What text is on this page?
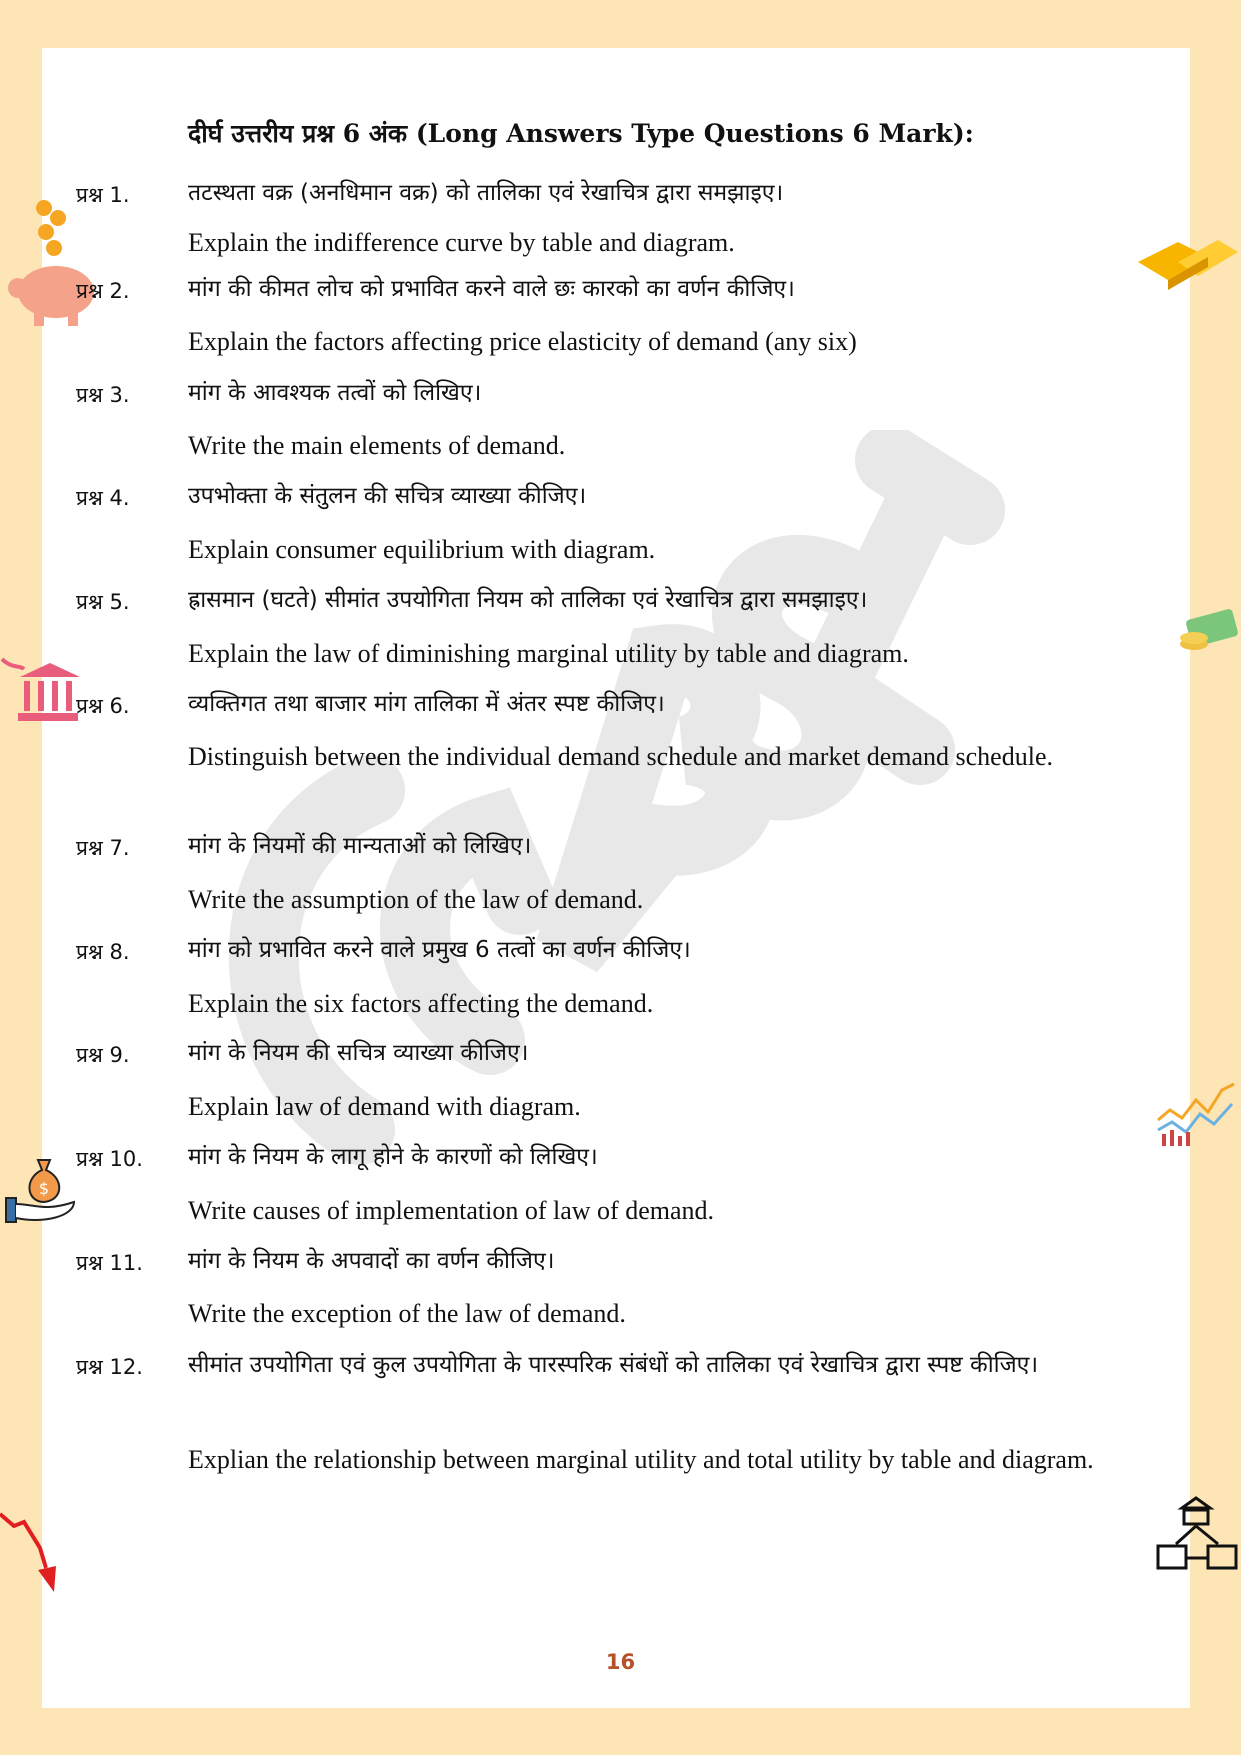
$
दीर्घ उत्तरीय प्रश्न 6 अंक (Long Answers Type Questions 6 Mark):
प्रश्न 1.	तटस्थता वक्र (अनधिमान वक्र) को तालिका एवं रेखाचित्र द्वारा समझाइए।
Explain the indifference curve by table and diagram.
प्रश्न 2.	मांग की कीमत लोच को प्रभावित करने वाले छः कारको का वर्णन कीजिए।
Explain the factors affecting price elasticity of demand (any six)
प्रश्न 3.	मांग के आवश्यक तत्वों को लिखिए।
Write the main elements of demand.
प्रश्न 4.	उपभोक्ता के संतुलन की सचित्र व्याख्या कीजिए।
Explain consumer equilibrium with diagram.
प्रश्न 5.	ह्रासमान (घटते) सीमांत उपयोगिता नियम को तालिका एवं रेखाचित्र द्वारा समझाइए।
Explain the law of diminishing marginal utility by table and diagram.
प्रश्न 6.	व्यक्तिगत तथा बाजार मांग तालिका में अंतर स्पष्ट कीजिए।
Distinguish between the individual demand schedule and market demand schedule.
प्रश्न 7.	मांग के नियमों की मान्यताओं को लिखिए।
Write the assumption of the law of demand.
प्रश्न 8.	मांग को प्रभावित करने वाले प्रमुख 6 तत्वों का वर्णन कीजिए।
Explain the six factors affecting the demand.
प्रश्न 9.	मांग के नियम की सचित्र व्याख्या कीजिए।
Explain law of demand with diagram.
प्रश्न 10.	मांग के नियम के लागू होने के कारणों को लिखिए।
Write causes of implementation of law of demand.
प्रश्न 11.	मांग के नियम के अपवादों का वर्णन कीजिए।
Write the exception of the law of demand.
प्रश्न 12.	सीमांत उपयोगिता एवं कुल उपयोगिता के पारस्परिक संबंधों को तालिका एवं रेखाचित्र द्वारा स्पष्ट कीजिए।
Explian the relationship between marginal utility and total utility by table and diagram.
16
